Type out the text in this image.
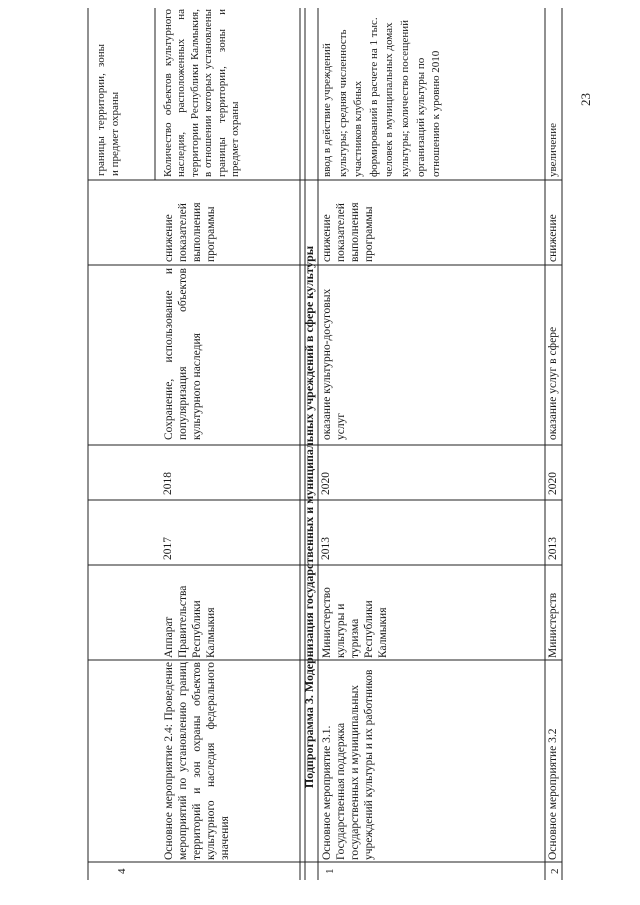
23
границы территории, зоны и предмет охраны
4
Основное мероприятие 2.4: Проведение мероприятий по установлению границ территорий и зон охраны объектов культурного наследия федерального значения
Аппарат Правительства Республики Калмыкия
2017
2018
Сохранение, использование и популяризация объектов культурного наследия
снижение показателей выполнения программы
Количество объектов культурного наследия, расположенных на территории Республики Калмыкия, в отношении которых установлены границы территории, зоны и предмет охраны
Подпрограмма 3. Модернизация государственных и муниципальных учреждений в сфере культуры
1
Основное мероприятие 3.1. Государственная поддержка государственных и муниципальных учреждений культуры и их работников
Министерство культуры и туризма Республики Калмыкия
2013
2020
оказание культурно-досуговых услуг
снижение показателей выполнения программы
ввод в действие учреждений культуры; средняя численность участников клубных формирований в расчете на 1 тыс. человек в муниципальных домах культуры; количество посещений организаций культуры по отношению к уровню 2010
2
Основное мероприятие 3.2
Министерств
2013
2020
оказание услуг в сфере
снижение
увеличение
